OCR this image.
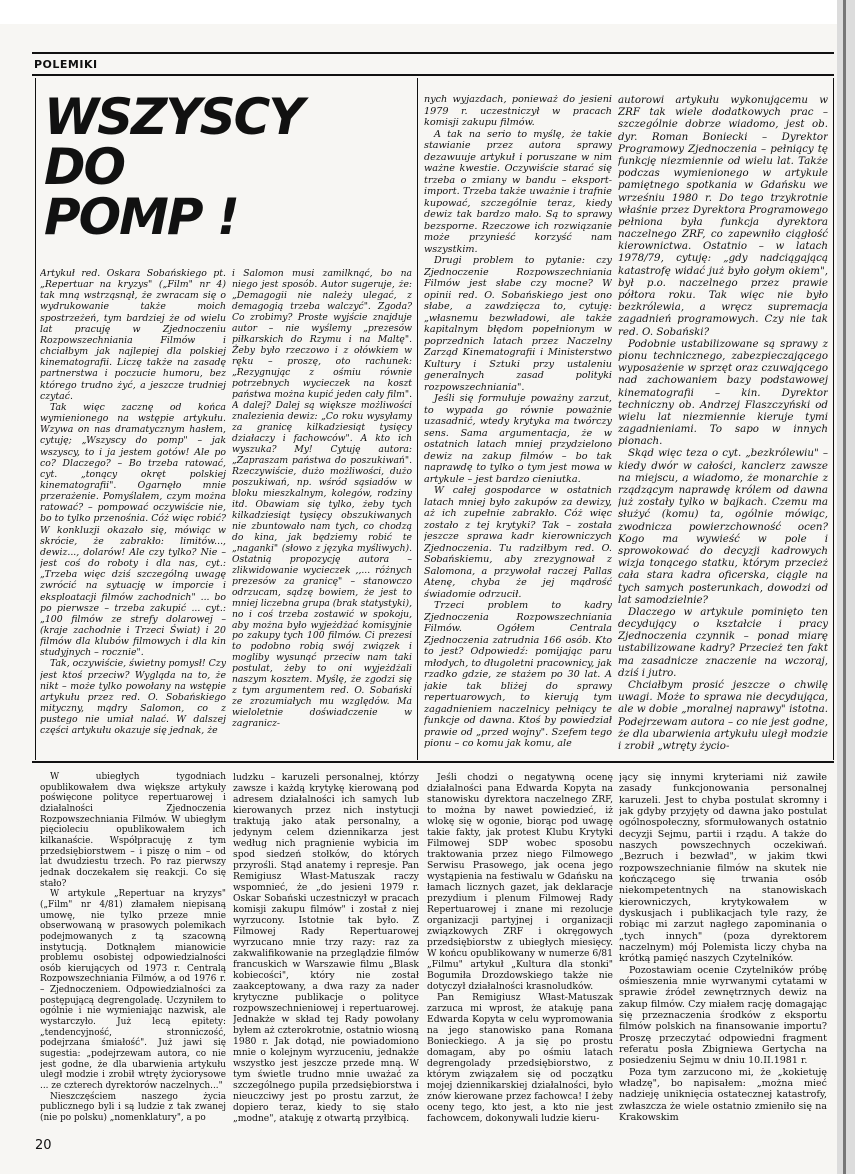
POLEMIKI
WSZYSCY
DO
POMP !

Artykuł red. Oskara Sobańskiego pt. „Repertuar na kryzys" („Film" nr 4) tak mną wstrząsnął, że zwracam się o wydrukowanie także moich spostrzeżeń, tym bardziej że od wielu lat pracuję w Zjednoczeniu Rozpowszechniania Filmów i chciałbym jak najlepiej dla polskiej kinematografii. Liczę także na zasadę partnerstwa i poczucie humoru, bez którego trudno żyć, a jeszcze trudniej czytać.

Tak więc zacznę od końca wymienionego na wstępie artykułu. Wzywa on nas dramatycznym hasłem, cytuję; „Wszyscy do pomp" – jak wszyscy, to i ja jestem gotów! Ale po co? Dlaczego? – Bo trzeba ratować, cyt. „tonący okręt polskiej kinematografii". Ogarnęło mnie przerażenie. Pomyślałem, czym można ratować? – pompować oczywiście nie, bo to tylko przenośnia. Cóż więc robić? W konkluzji okazało się, mówiąc w skrócie, że zabrakło: limitów..., dewiz..., dolarów! Ale czy tylko? Nie – jest coś do roboty i dla nas, cyt.: „Trzeba więc dziś szczególną uwagę zwrócić na sytuację w imporcie i eksploatacji filmów zachodnich" ... bo po pierwsze – trzeba zakupić ... cyt.: „100 filmów ze strefy dolarowej – (kraje zachodnie i Trzeci Świat) i 20 filmów dla klubów filmowych i dla kin studyjnych – rocznie".

Tak, oczywiście, świetny pomysł! Czy jest ktoś przeciw? Wygląda na to, że nikt – może tylko powołany na wstępie artykułu przez red. O. Sobańskiego mityczny, mądry Salomon, co z pustego nie umiał nalać. W dalszej części artykułu okazuje się jednak, że

i Salomon musi zamilknąć, bo na niego jest sposób. Autor sugeruje, że: „Demagogii nie należy ulegać, z demagogią trzeba walczyć". Zgoda? Co zrobimy? Proste wyjście znajduje autor – nie wyślemy „prezesów piłkarskich do Rzymu i na Maltę". Żeby było rzeczowo i z ołówkiem w ręku – proszę, oto rachunek: „Rezygnując z ośmiu równie potrzebnych wycieczek na koszt państwa można kupić jeden cały film". A dalej? Dalej są większe możliwości znalezienia dewiz: „Co roku wysyłamy za granicę kilkadziesiąt tysięcy działaczy i fachowców". A kto ich wyszuka? My! Cytuję autora: „Zapraszam państwa do poszukiwań". Rzeczywiście, dużo możliwości, dużo poszukiwań, np. wśród sąsiadów w bloku mieszkalnym, kolegów, rodziny itd. Obawiam się tylko, żeby tych kilkadziesiąt tysięcy obszukiwanych nie zbuntowało nam tych, co chodzą do kina, jak będziemy robić te „naganki" (słowo z języka myśliwych). Ostatnią propozycję autora – zlikwidowanie wycieczek ,,... różnych prezesów za granicę" – stanowczo odrzucam, sądzę bowiem, że jest to mniej liczebna grupa (brak statystyki), no i coś trzeba zostawić w spokoju, aby można było wyjeżdżać komisyjnie po zakupy tych 100 filmów. Ci prezesi to podobno robią swój związek i mogliby wysunąć przeciw nam taki postulat, żeby to oni wyjeżdżali naszym kosztem. Myślę, że zgodzi się z tym argumentem red. O. Sobański ze zrozumiałych mu względów. Ma wieloletnie doświadczenie w zagranicz-

nych wyjazdach, ponieważ do jesieni 1979 r. uczestniczył w pracach komisji zakupu filmów.

A tak na serio to myślę, że takie stawianie przez autora sprawy dezawuuje artykuł i poruszane w nim ważne kwestie. Oczywiście starać się trzeba o zmiany w bandu – eksport-import. Trzeba także uważnie i trafnie kupować, szczególnie teraz, kiedy dewiz tak bardzo mało. Są to sprawy bezsporne. Rzeczowe ich rozwiązanie może przynieść korzyść nam wszystkim.

Drugi problem to pytanie: czy Zjednoczenie Rozpowszechniania Filmów jest słabe czy mocne? W opinii red. O. Sobańskiego jest ono słabe, a zawdzięcza to, cytuję: „własnemu bezwładowi, ale także kapitalnym błędom popełnionym w poprzednich latach przez Naczelny Zarząd Kinematografii i Ministerstwo Kultury i Sztuki przy ustaleniu generalnych zasad polityki rozpowszechniania".

Jeśli się formułuje poważny zarzut, to wypada go równie poważnie uzasadnić, wtedy krytyka ma twórczy sens. Sama argumentacja, że w ostatnich latach mniej przydzielono dewiz na zakup filmów – bo tak naprawdę to tylko o tym jest mowa w artykule – jest bardzo cieniutka.

W całej gospodarce w ostatnich latach mniej było zakupów za dewizy, aż ich zupełnie zabrakło. Cóż więc zostało z tej krytyki? Tak – została jeszcze sprawa kadr kierowniczych Zjednoczenia. Tu radziłbym red. O. Sobańskiemu, aby zrezygnował z Salomona, a przywołał raczej Pallas Atenę, chyba że jej mądrość świadomie odrzucił.

Trzeci problem to kadry Zjednoczenia Rozpowszechniania Filmów. Ogółem Centrala Zjednoczenia zatrudnia 166 osób. Kto to jest? Odpowiedź: pomijając paru młodych, to długoletni pracownicy, jak rzadko gdzie, ze stażem po 30 lat. A jakie tak bliżej do sprawy repertuarowych, to kierują tym zagadnieniem naczelnicy pełniący te funkcje od dawna. Ktoś by powiedział prawie od „przed wojny". Szefem tego pionu – co komu jak komu, ale

autorowi artykułu wykonującemu w ZRF tak wiele dodatkowych prac – szczególnie dobrze wiadomo, jest ob. dyr. Roman Boniecki – Dyrektor Programowy Zjednoczenia – pełniący tę funkcję niezmiennie od wielu lat. Także podczas wymienionego w artykule pamiętnego spotkania w Gdańsku we wrześniu 1980 r. Do tego trzykrotnie właśnie przez Dyrektora Programowego pełniona była funkcja dyrektora naczelnego ZRF, co zapewniło ciągłość kierownictwa. Ostatnio – w latach 1978/79, cytuję: „gdy nadciągającą katastrofę widać już było gołym okiem", był p.o. naczelnego przez prawie półtora roku. Tak więc nie było bezkrólewia, a wręcz supremacja zagadnień programowych. Czy nie tak red. O. Sobański?

Podobnie ustabilizowane są sprawy z pionu technicznego, zabezpieczającego wyposażenie w sprzęt oraz czuwającego nad zachowaniem bazy podstawowej kinematografii – kin. Dyrektor techniczny ob. Andrzej Flaszczyński od wielu lat niezmiennie kieruje tymi zagadnieniami. To sapo w innych pionach.

Skąd więc teza o cyt. „bezkrólewiu" – kiedy dwór w całości, kanclerz zawsze na miejscu, a wiadomo, że monarchie z rządzącym naprawdę królem od dawna już zostały tylko w bajkach. Czemu ma służyć (komu) ta, ogólnie mówiąc, zwodnicza powierzchowność ocen? Kogo ma wywieść w pole i sprowokować do decyzji kadrowych wizja tonącego statku, którym przecież cała stara kadra oficerska, ciągle na tych samych posterunkach, dowodzi od lat samodzielnie?

Dlaczego w artykule pominięto ten decydujący o kształcie i pracy Zjednoczenia czynnik – ponad miarę ustabilizowane kadry? Przecież ten fakt ma zasadnicze znaczenie na wczoraj, dziś i jutro.

Chciałbym prosić jeszcze o chwilę uwagi. Może to sprawa nie decydująca, ale w dobie „moralnej naprawy" istotna. Podejrzewam autora – co nie jest godne, że dla ubarwienia artykułu uległ modzie i zrobił „wtręty życio-

W ubiegłych tygodniach opublikowałem dwa większe artykuły poświęcone polityce repertuarowej i działalności Zjednoczenia Rozpowszechniania Filmów. W ubiegłym pięcioleciu opublikowałem ich kilkanaście. Współpracuję z tym przedsiębiorstwem – i piszę o nim – od lat dwudziestu trzech. Po raz pierwszy jednak doczekałem się reakcji. Co się stało?

W artykule „Repertuar na kryzys" („Film" nr 4/81) złamałem niepisaną umowę, nie tylko przeze mnie obserwowaną w prasowych polemikach podejmowanych z tą szacowną instytucją. Dotknąłem mianowicie problemu osobistej odpowiedzialności osób kierujących od 1973 r. Centralą Rozpowszechniania Filmów, a od 1976 r. – Zjednoczeniem. Odpowiedzialności za postępującą degrengoladę. Uczyniłem to ogólnie i nie wymieniając nazwisk, ale wystarczyło. Już lecą epitety: „tendencyjność, stronniczość, podejrzana śmiałość". Już jawi się sugestia: „podejrzewam autora, co nie jest godne, że dla ubarwienia artykułu uległ modzie i zrobił wtręty życiorysowe ... ze czterech dyrektorów naczelnych..."

Nieszczęściem naszego życia publicznego byli i są ludzie z tak zwanej (nie po polsku) „nomenklatury", a po

ludzku – karuzeli personalnej, którzy zawsze i każdą krytykę kierowaną pod adresem działalności ich samych lub kierowanych przez nich instytucji traktują jako atak personalny, a jedynym celem dziennikarza jest według nich pragnienie wybicia im spod siedzeń stołków, do których przyrośli. Stąd anatemy i represje. Pan Remigiusz Włast-Matuszak raczy wspomnieć, że „do jesieni 1979 r. Oskar Sobański uczestniczył w pracach komisji zakupu filmów" i został z niej wyrzucony. Istotnie tak było. Z Filmowej Rady Repertuarowej wyrzucano mnie trzy razy: raz za zakwalifikowanie na przeglądzie filmów francuskich w Warszawie filmu „Blask kobiecości", który nie został zaakceptowany, a dwa razy za nader krytyczne publikacje o polityce rozpowszechnieniowej i repertuarowej. Jednakże w skład tej Rady powołany byłem aż czterokrotnie, ostatnio wiosną 1980 r. Jak dotąd, nie powiadomiono mnie o kolejnym wyrzuceniu, jednakże wszystko jest jeszcze przede mną. W tym świetle trudno mnie uważać za szczególnego pupila przedsiębiorstwa i nieuczciwy jest po prostu zarzut, że dopiero teraz, kiedy to się stało „modne", atakuję z otwartą przyłbicą.

Jeśli chodzi o negatywną ocenę działalności pana Edwarda Kopyta na stanowisku dyrektora naczelnego ZRF, to można by nawet powiedzieć, iż wlokę się w ogonie, biorąc pod uwagę takie fakty, jak protest Klubu Krytyki Filmowej SDP wobec sposobu traktowania przez niego Filmowego Serwisu Prasowego, jak ocena jego wystąpienia na festiwalu w Gdańsku na łamach licznych gazet, jak deklaracje prezydium i plenum Filmowej Rady Repertuarowej i znane mi rezolucje organizacji partyjnej i organizacji związkowych ZRF i okręgowych przedsiębiorstw z ubiegłych miesięcy. W końcu opublikowany w numerze 6/81 „Filmu" artykuł „Kultura dla stonki" Bogumiła Drozdowskiego także nie dotyczył działalności krasnoludków.

Pan Remigiusz Włast-Matuszak zarzuca mi wprost, że atakuję pana Edwarda Kopyta w celu wypromowania na jego stanowisko pana Romana Bonieckiego. A ja się po prostu domagam, aby po ośmiu latach degrengolady przedsiębiorstwo, z którym związałem się od początku mojej dziennikarskiej działalności, było znów kierowane przez fachowca! I żeby oceny tego, kto jest, a kto nie jest fachowcem, dokonywali ludzie kieru-

jący się innymi kryteriami niż zawiłe zasady funkcjonowania personalnej karuzeli. Jest to chyba postulat skromny i jak gdyby przyjęty od dawna jako postulat ogólnospołeczny, sformułowanych ostatnio decyzji Sejmu, partii i rządu. A także do naszych powszechnych oczekiwań. „Bezruch i bezwład", w jakim tkwi rozpowszechnianie filmów na skutek nie kończącego się trwania osób niekompetentnych na stanowiskach kierowniczych, krytykowałem w dyskusjach i publikacjach tyle razy, że robiąc mi zarzut nagłego zapominania o „tych innych" (poza dyrektorem naczelnym) mój Polemista liczy chyba na krótką pamięć naszych Czytelników.

Pozostawiam ocenie Czytelników próbę ośmieszenia mnie wyrwanymi cytatami w sprawie źródeł zewnętrznych dewiz na zakup filmów. Czy miałem rację domagając się przeznaczenia środków z eksportu filmów polskich na finansowanie importu? Proszę przeczytać odpowiedni fragment referatu posła Zbigniewa Gertycha na posiedzeniu Sejmu w dniu 10.II.1981 r.

Poza tym zarzucono mi, że „kokietuję władzę", bo napisałem: „można mieć nadzieję uniknięcia ostatecznej katastrofy, zwłaszcza że wiele ostatnio zmieniło się na Krakowskim

20
